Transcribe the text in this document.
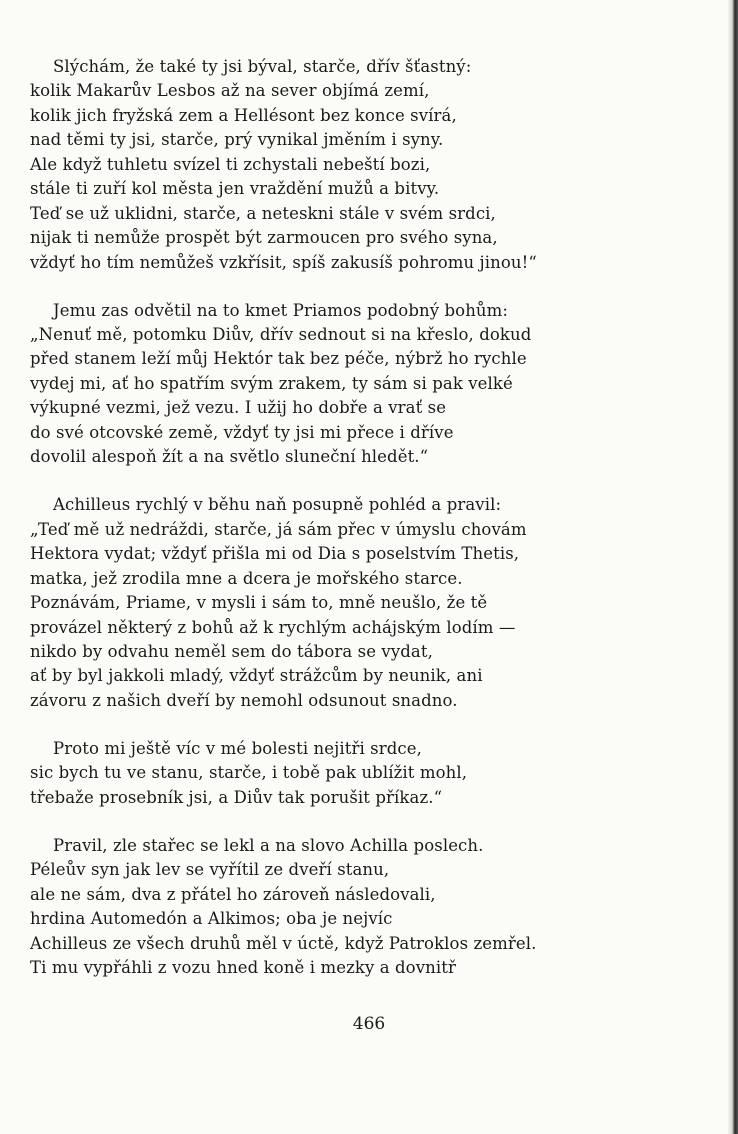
Slýchám, že také ty jsi býval, starče, dřív šťastný:
kolik Makarův Lesbos až na sever objímá zemí,
kolik jich fryžská zem a Hellésont bez konce svírá,
nad těmi ty jsi, starče, prý vynikal jměním i syny.
Ale když tuhletu svízel ti zchystali nebeští bozi,
stále ti zuří kol města jen vraždění mužů a bitvy.
Teď se už uklidni, starče, a neteskni stále v svém srdci,
nijak ti nemůže prospět být zarmoucen pro svého syna,
vždyť ho tím nemůžeš vzkřísit, spíš zakusíš pohromu jinou!“
Jemu zas odvětil na to kmet Priamos podobný bohům:
„Nenuť mě, potomku Diův, dřív sednout si na křeslo, dokud
před stanem leží můj Hektór tak bez péče, nýbrž ho rychle
vydej mi, ať ho spatřím svým zrakem, ty sám si pak velké
výkupné vezmi, jež vezu. I užij ho dobře a vrať se
do své otcovské země, vždyť ty jsi mi přece i dříve
dovolil alespoň žít a na světlo sluneční hledět.“
Achilleus rychlý v běhu naň posupně pohléd a pravil:
„Teď mě už nedráždi, starče, já sám přec v úmyslu chovám
Hektora vydat; vždyť přišla mi od Dia s poselstvím Thetis,
matka, jež zrodila mne a dcera je mořského starce.
Poznávám, Priame, v mysli i sám to, mně neušlo, že tě
provázel některý z bohů až k rychlým achájským lodím —
nikdo by odvahu neměl sem do tábora se vydat,
ať by byl jakkoli mladý, vždyť strážcům by neunik, ani
závoru z našich dveří by nemohl odsunout snadno.
Proto mi ještě víc v mé bolesti nejitři srdce,
sic bych tu ve stanu, starče, i tobě pak ublížit mohl,
třebaže prosebník jsi, a Diův tak porušit příkaz.“
Pravil, zle stařec se lekl a na slovo Achilla poslech.
Péleův syn jak lev se vyřítil ze dveří stanu,
ale ne sám, dva z přátel ho zároveň následovali,
hrdina Automedón a Alkimos; oba je nejvíc
Achilleus ze všech druhů měl v úctě, když Patroklos zemřel.
Ti mu vypřáhli z vozu hned koně i mezky a dovnitř
466
